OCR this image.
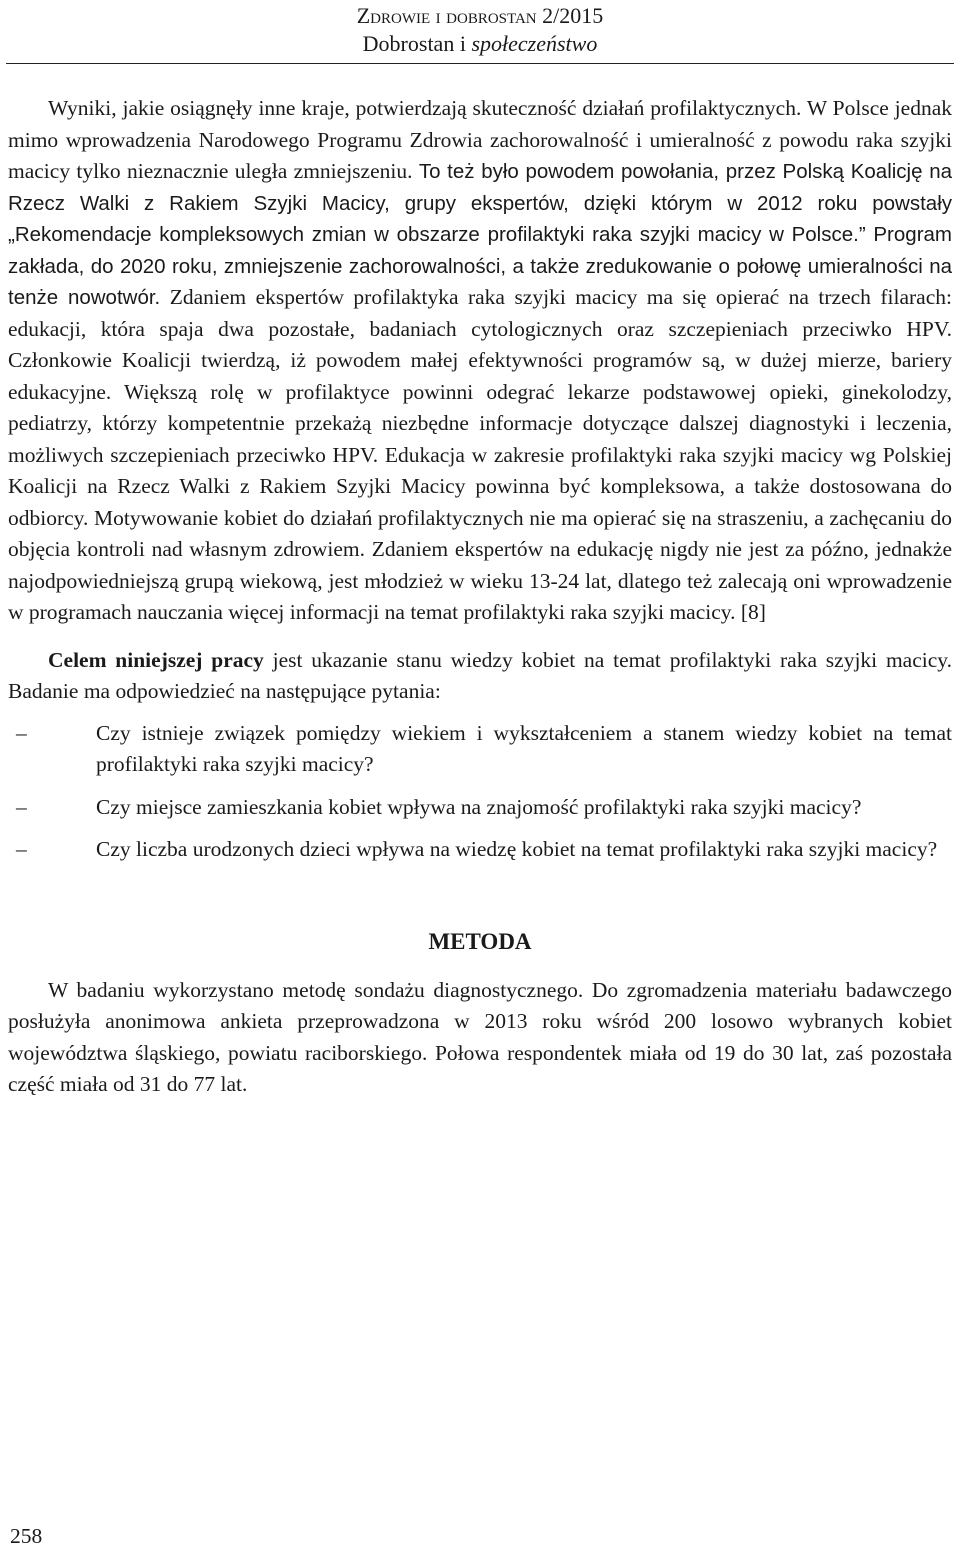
Zdrowie i dobrostan 2/2015
Dobrostan i społeczeństwo

Wyniki, jakie osiągnęły inne kraje, potwierdzają skuteczność działań profilaktycznych. W Polsce jednak mimo wprowadzenia Narodowego Programu Zdrowia zachorowalność i umieralność z powodu raka szyjki macicy tylko nieznacznie uległa zmniejszeniu. To też było powodem powołania, przez Polską Koalicję na Rzecz Walki z Rakiem Szyjki Macicy, grupy ekspertów, dzięki którym w 2012 roku powstały „Rekomendacje kompleksowych zmian w obszarze profilaktyki raka szyjki macicy w Polsce.” Program zakłada, do 2020 roku, zmniejszenie zachorowalności, a także zredukowanie o połowę umieralności na tenże nowotwór. Zdaniem ekspertów profilaktyka raka szyjki macicy ma się opierać na trzech filarach: edukacji, która spaja dwa pozostałe, badaniach cytologicznych oraz szczepieniach przeciwko HPV. Członkowie Koalicji twierdzą, iż powodem małej efektywności programów są, w dużej mierze, bariery edukacyjne. Większą rolę w profilaktyce powinni odegrać lekarze podstawowej opieki, ginekolodzy, pediatrzy, którzy kompetentnie przekażą niezbędne informacje dotyczące dalszej diagnostyki i leczenia, możliwych szczepieniach przeciwko HPV. Edukacja w zakresie profilaktyki raka szyjki macicy wg Polskiej Koalicji na Rzecz Walki z Rakiem Szyjki Macicy powinna być kompleksowa, a także dostosowana do odbiorcy. Motywowanie kobiet do działań profilaktycznych nie ma opierać się na straszeniu, a zachęcaniu do objęcia kontroli nad własnym zdrowiem. Zdaniem ekspertów na edukację nigdy nie jest za późno, jednakże najodpowiedniejszą grupą wiekową, jest młodzież w wieku 13-24 lat, dlatego też zalecają oni wprowadzenie w programach nauczania więcej informacji na temat profilaktyki raka szyjki macicy. [8]

Celem niniejszej pracy jest ukazanie stanu wiedzy kobiet na temat profilaktyki raka szyjki macicy. Badanie ma odpowiedzieć na następujące pytania:

–	Czy istnieje związek pomiędzy wiekiem i wykształceniem a stanem wiedzy kobiet na temat profilaktyki raka szyjki macicy?
–	Czy miejsce zamieszkania kobiet wpływa na znajomość profilaktyki raka szyjki macicy?
–	Czy liczba urodzonych dzieci wpływa na wiedzę kobiet na temat profilaktyki raka szyjki macicy?
METODA

W badaniu wykorzystano metodę sondażu diagnostycznego. Do zgromadzenia materiału badawczego posłużyła anonimowa ankieta przeprowadzona w 2013 roku wśród 200 losowo wybranych kobiet województwa śląskiego, powiatu raciborskiego. Połowa respondentek miała od 19 do 30 lat, zaś pozostała część miała od 31 do 77 lat.

258
